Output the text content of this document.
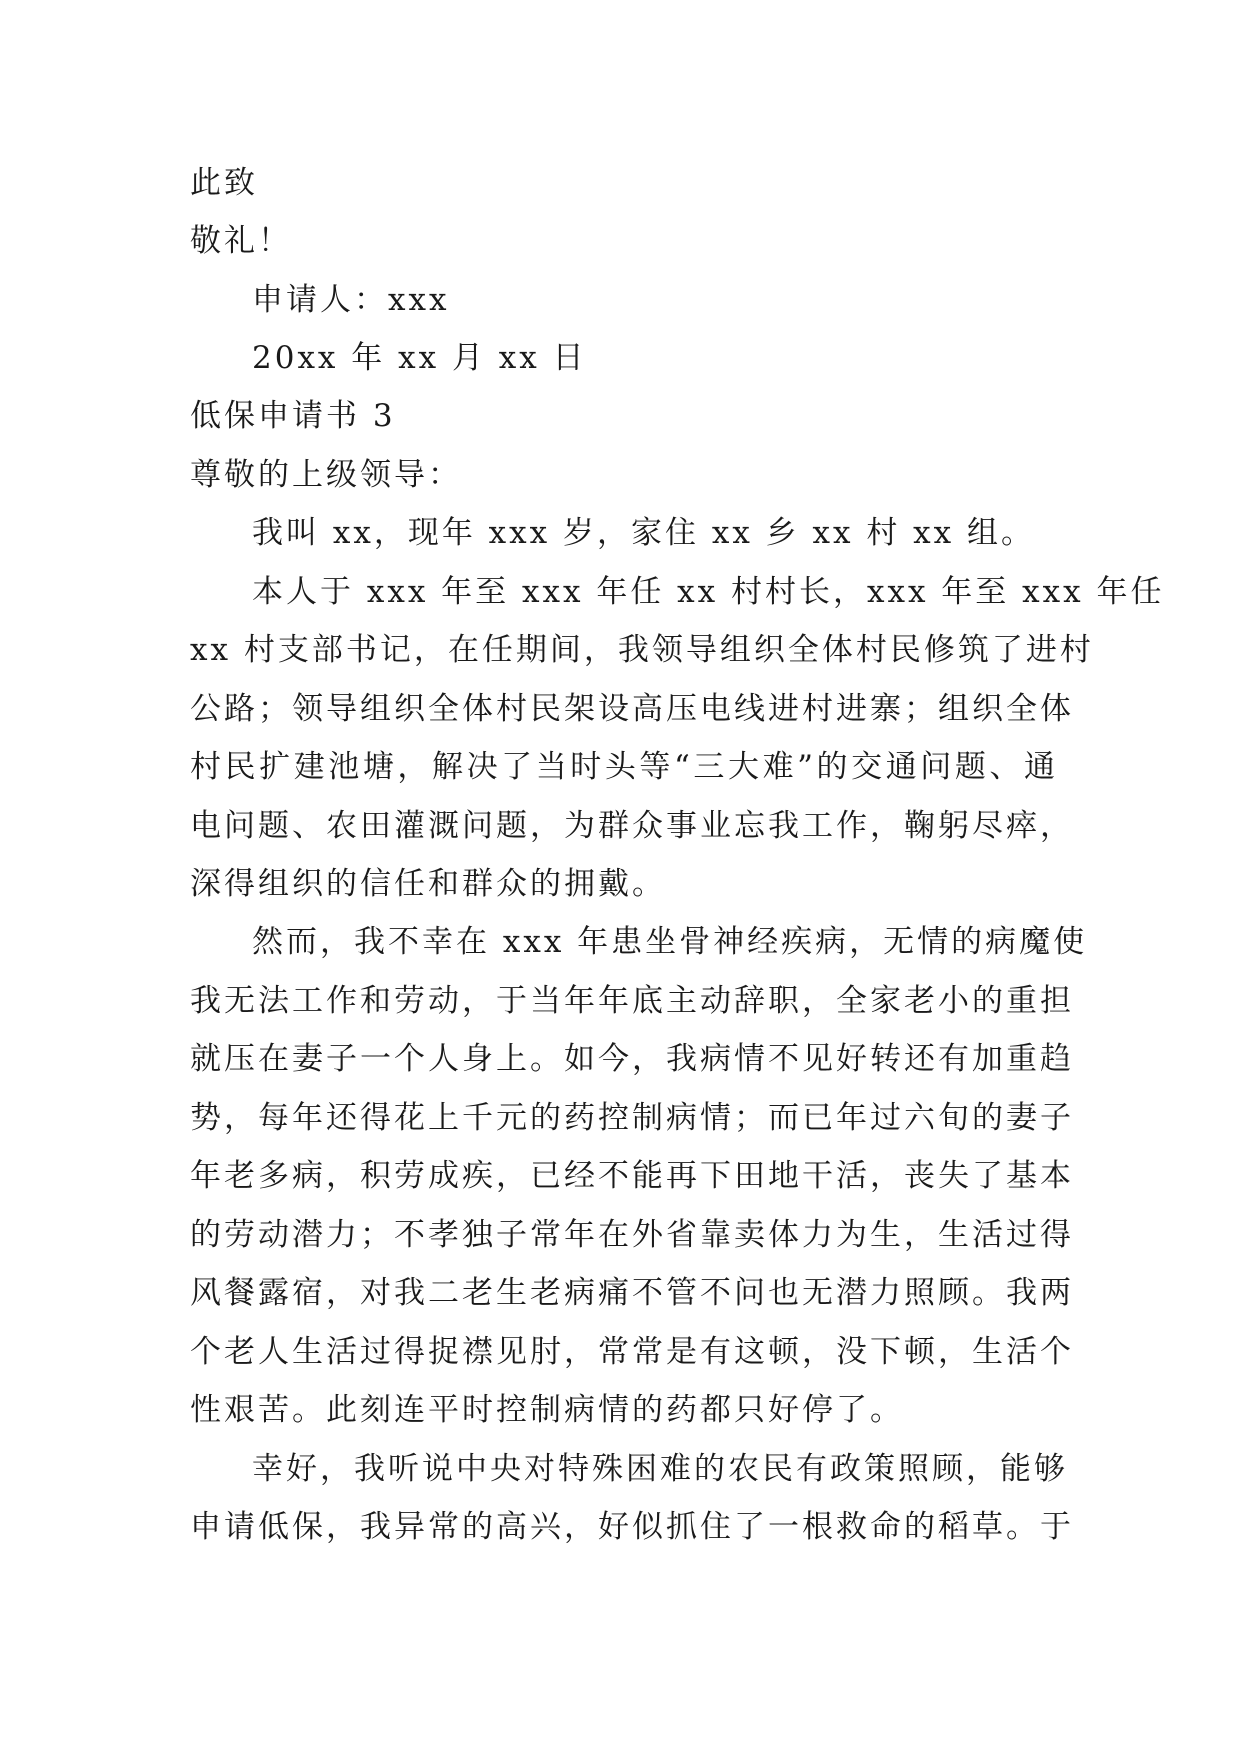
此致
敬礼！
申请人：xxx
20xx 年 xx 月 xx 日
低保申请书 3
尊敬的上级领导：
我叫 xx，现年 xxx 岁，家住 xx 乡 xx 村 xx 组。
本人于 xxx 年至 xxx 年任 xx 村村长，xxx 年至 xxx 年任
xx 村支部书记，在任期间，我领导组织全体村民修筑了进村
公路；领导组织全体村民架设高压电线进村进寨；组织全体
村民扩建池塘，解决了当时头等“三大难”的交通问题、通
电问题、农田灌溉问题，为群众事业忘我工作，鞠躬尽瘁，
深得组织的信任和群众的拥戴。
然而，我不幸在 xxx 年患坐骨神经疾病，无情的病魔使
我无法工作和劳动，于当年年底主动辞职，全家老小的重担
就压在妻子一个人身上。如今，我病情不见好转还有加重趋
势，每年还得花上千元的药控制病情；而已年过六旬的妻子
年老多病，积劳成疾，已经不能再下田地干活，丧失了基本
的劳动潜力；不孝独子常年在外省靠卖体力为生，生活过得
风餐露宿，对我二老生老病痛不管不问也无潜力照顾。我两
个老人生活过得捉襟见肘，常常是有这顿，没下顿，生活个
性艰苦。此刻连平时控制病情的药都只好停了。
幸好，我听说中央对特殊困难的农民有政策照顾，能够
申请低保，我异常的高兴，好似抓住了一根救命的稻草。于
